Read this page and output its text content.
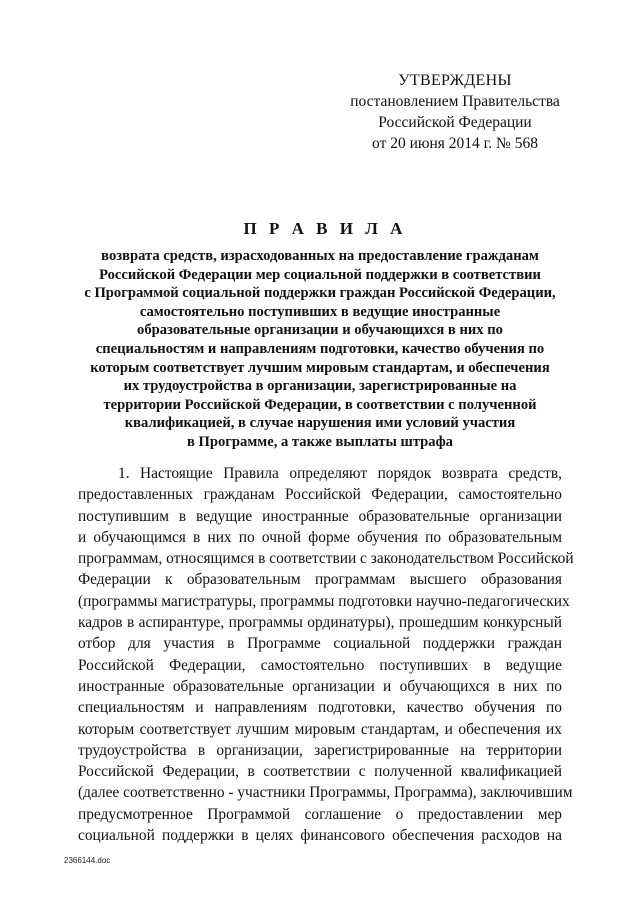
УТВЕРЖДЕНЫ
постановлением Правительства
Российской Федерации
от 20 июня 2014 г. № 568
П Р А В И Л А
возврата средств, израсходованных на предоставление гражданам
Российской Федерации мер социальной поддержки в соответствии
с Программой социальной поддержки граждан Российской Федерации,
самостоятельно поступивших в ведущие иностранные
образовательные организации и обучающихся в них по
специальностям и направлениям подготовки, качество обучения по
которым соответствует лучшим мировым стандартам, и обеспечения
их трудоустройства в организации, зарегистрированные на
территории Российской Федерации, в соответствии с полученной
квалификацией, в случае нарушения ими условий участия
в Программе, а также выплаты штрафа
1. Настоящие Правила определяют порядок возврата средств,
предоставленных гражданам Российской Федерации, самостоятельно
поступившим в ведущие иностранные образовательные организации
и обучающимся в них по очной форме обучения по образовательным
программам, относящимся в соответствии с законодательством Российской
Федерации к образовательным программам высшего образования
(программы магистратуры, программы подготовки научно-педагогических
кадров в аспирантуре, программы ординатуры), прошедшим конкурсный
отбор для участия в Программе социальной поддержки граждан
Российской Федерации, самостоятельно поступивших в ведущие
иностранные образовательные организации и обучающихся в них по
специальностям и направлениям подготовки, качество обучения по
которым соответствует лучшим мировым стандартам, и обеспечения их
трудоустройства в организации, зарегистрированные на территории
Российской Федерации, в соответствии с полученной квалификацией
(далее соответственно - участники Программы, Программа), заключившим
предусмотренное Программой соглашение о предоставлении мер
социальной поддержки в целях финансового обеспечения расходов на
2366144.doc
